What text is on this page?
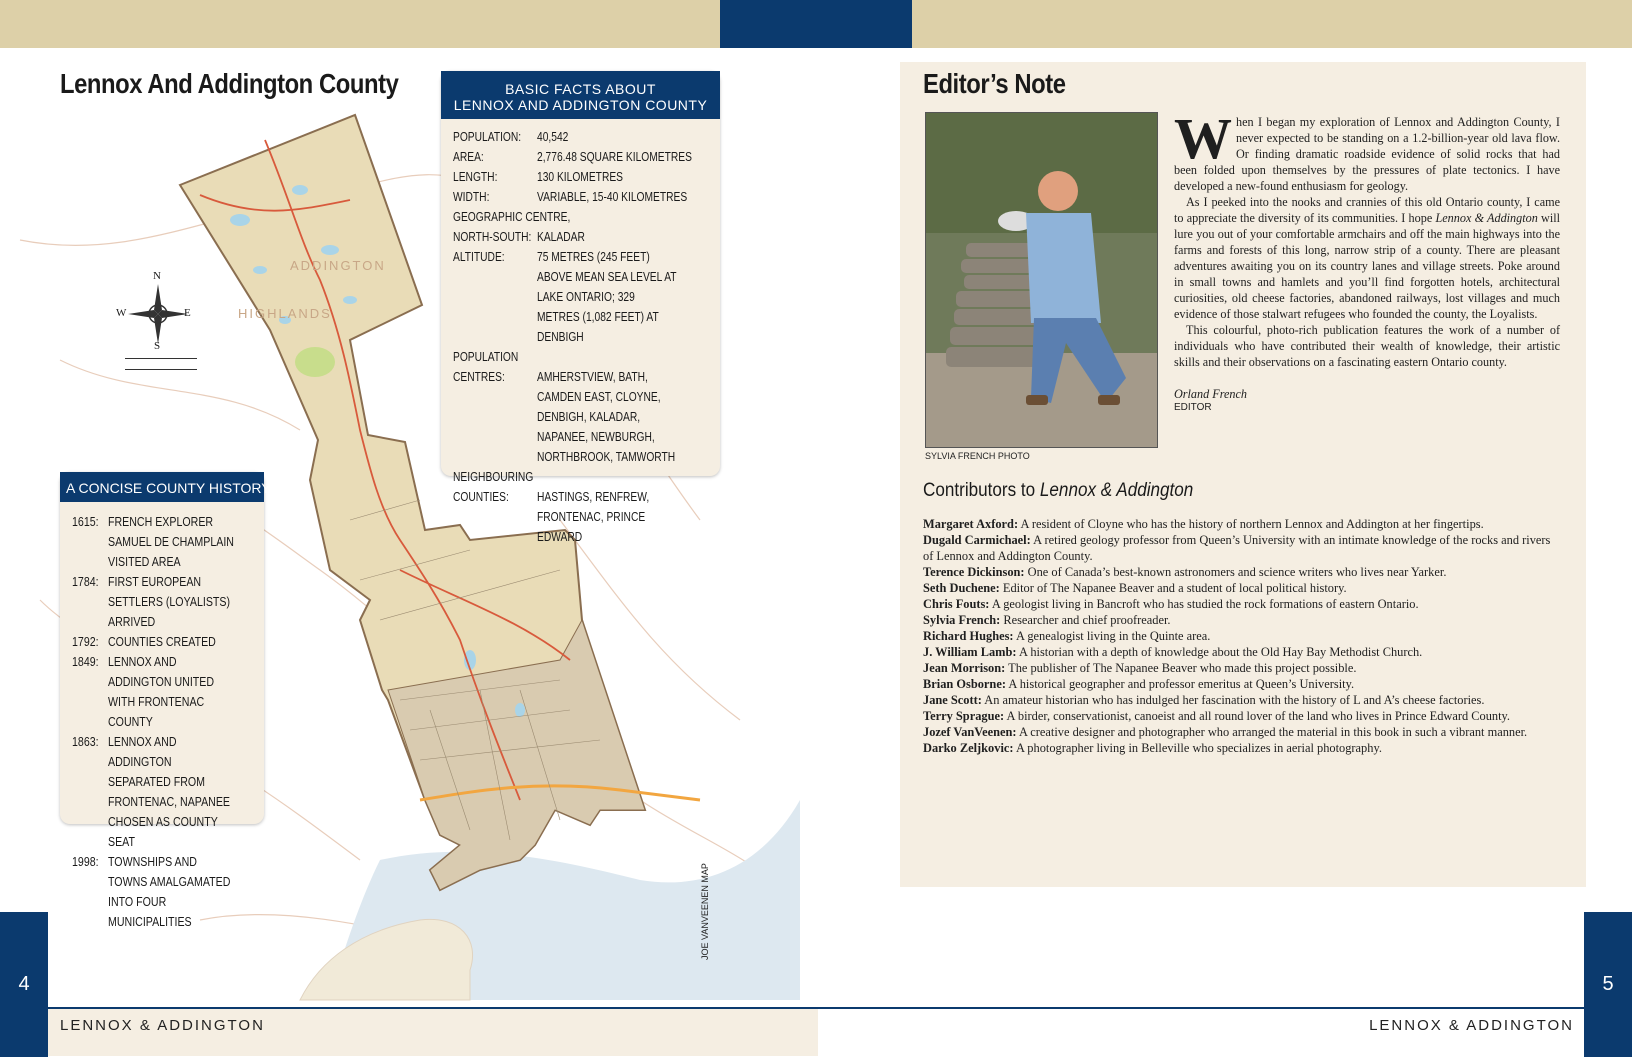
ADDINGTON
HIGHLANDS
N
S
W	E
Lennox And Addington County	BASIC FACTS ABOUT
LENNOX AND ADDINGTON COUNTY
POPULATION: 40,542
AREA:	2,776.48 SQUARE KILOMETRES
LENGTH:	130 KILOMETRES
WIDTH:	VARIABLE, 15-40 KILOMETRES
GEOGRAPHIC CENTRE,
NORTH-SOUTH: KALADAR
ALTITUDE:	75 METRES (245 FEET) ABOVE MEAN SEA LEVEL AT LAKE ONTARIO; 329 METRES (1,082 FEET) AT DENBIGH
POPULATION
CENTRES:	AMHERSTVIEW, BATH, CAMDEN EAST, CLOYNE, DENBIGH, KALADAR, NAPANEE, NEWBURGH, NORTHBROOK, TAMWORTH
NEIGHBOURING
COUNTIES:	HASTINGS, RENFREW, FRONTENAC, PRINCE EDWARD
A CONCISE COUNTY HISTORY
1615: FRENCH EXPLORER SAMUEL DE CHAMPLAIN VISITED AREA
1784: FIRST EUROPEAN SETTLERS (LOYALISTS) ARRIVED
1792: COUNTIES CREATED
1849: LENNOX AND ADDINGTON UNITED WITH FRONTENAC COUNTY
1863: LENNOX AND ADDINGTON SEPARATED FROM FRONTENAC, NAPANEE CHOSEN AS COUNTY SEAT
1998: TOWNSHIPS AND TOWNS AMALGAMATED INTO FOUR MUNICIPALITIES	JOE VANVEENEN MAP
Editor’s Note
SYLVIA FRENCH PHOTO

When I began my exploration of Lennox and Addington County, I never expected to be standing on a 1.2-billion-year old lava flow. Or finding dramatic roadside evidence of solid rocks that had been folded upon themselves by the pressures of plate tectonics. I have developed a new-found enthusiasm for geology.

As I peeked into the nooks and crannies of this old Ontario county, I came to appreciate the diversity of its communities. I hope Lennox & Addington will lure you out of your comfortable armchairs and off the main highways into the farms and forests of this long, narrow strip of a county. There are pleasant adventures awaiting you on its country lanes and village streets. Poke around in small towns and hamlets and you’ll find forgotten hotels, architectural curiosities, old cheese factories, abandoned railways, lost villages and much evidence of those stalwart refugees who founded the county, the Loyalists.

This colourful, photo-rich publication features the work of a number of individuals who have contributed their wealth of knowledge, their artistic skills and their observations on a fascinating eastern Ontario county.

Orland French
EDITOR
Contributors to Lennox & Addington
Margaret Axford: A resident of Cloyne who has the history of northern Lennox and Addington at her fingertips.
Dugald Carmichael: A retired geology professor from Queen’s University with an intimate knowledge of the rocks and rivers of Lennox and Addington County.
Terence Dickinson: One of Canada’s best-known astronomers and science writers who lives near Yarker.
Seth Duchene: Editor of The Napanee Beaver and a student of local political history.
Chris Fouts: A geologist living in Bancroft who has studied the rock formations of eastern Ontario.
Sylvia French: Researcher and chief proofreader.
Richard Hughes: A genealogist living in the Quinte area.
J. William Lamb: A historian with a depth of knowledge about the Old Hay Bay Methodist Church.
Jean Morrison: The publisher of The Napanee Beaver who made this project possible.
Brian Osborne: A historical geographer and professor emeritus at Queen’s University.
Jane Scott: An amateur historian who has indulged her fascination with the history of L and A’s cheese factories.
Terry Sprague: A birder, conservationist, canoeist and all round lover of the land who lives in Prince Edward County.
Jozef VanVeenen: A creative designer and photographer who arranged the material in this book in such a vibrant manner.
Darko Zeljkovic: A photographer living in Belleville who specializes in aerial photography.
4	5
LENNOX & ADDINGTON	LENNOX & ADDINGTON
